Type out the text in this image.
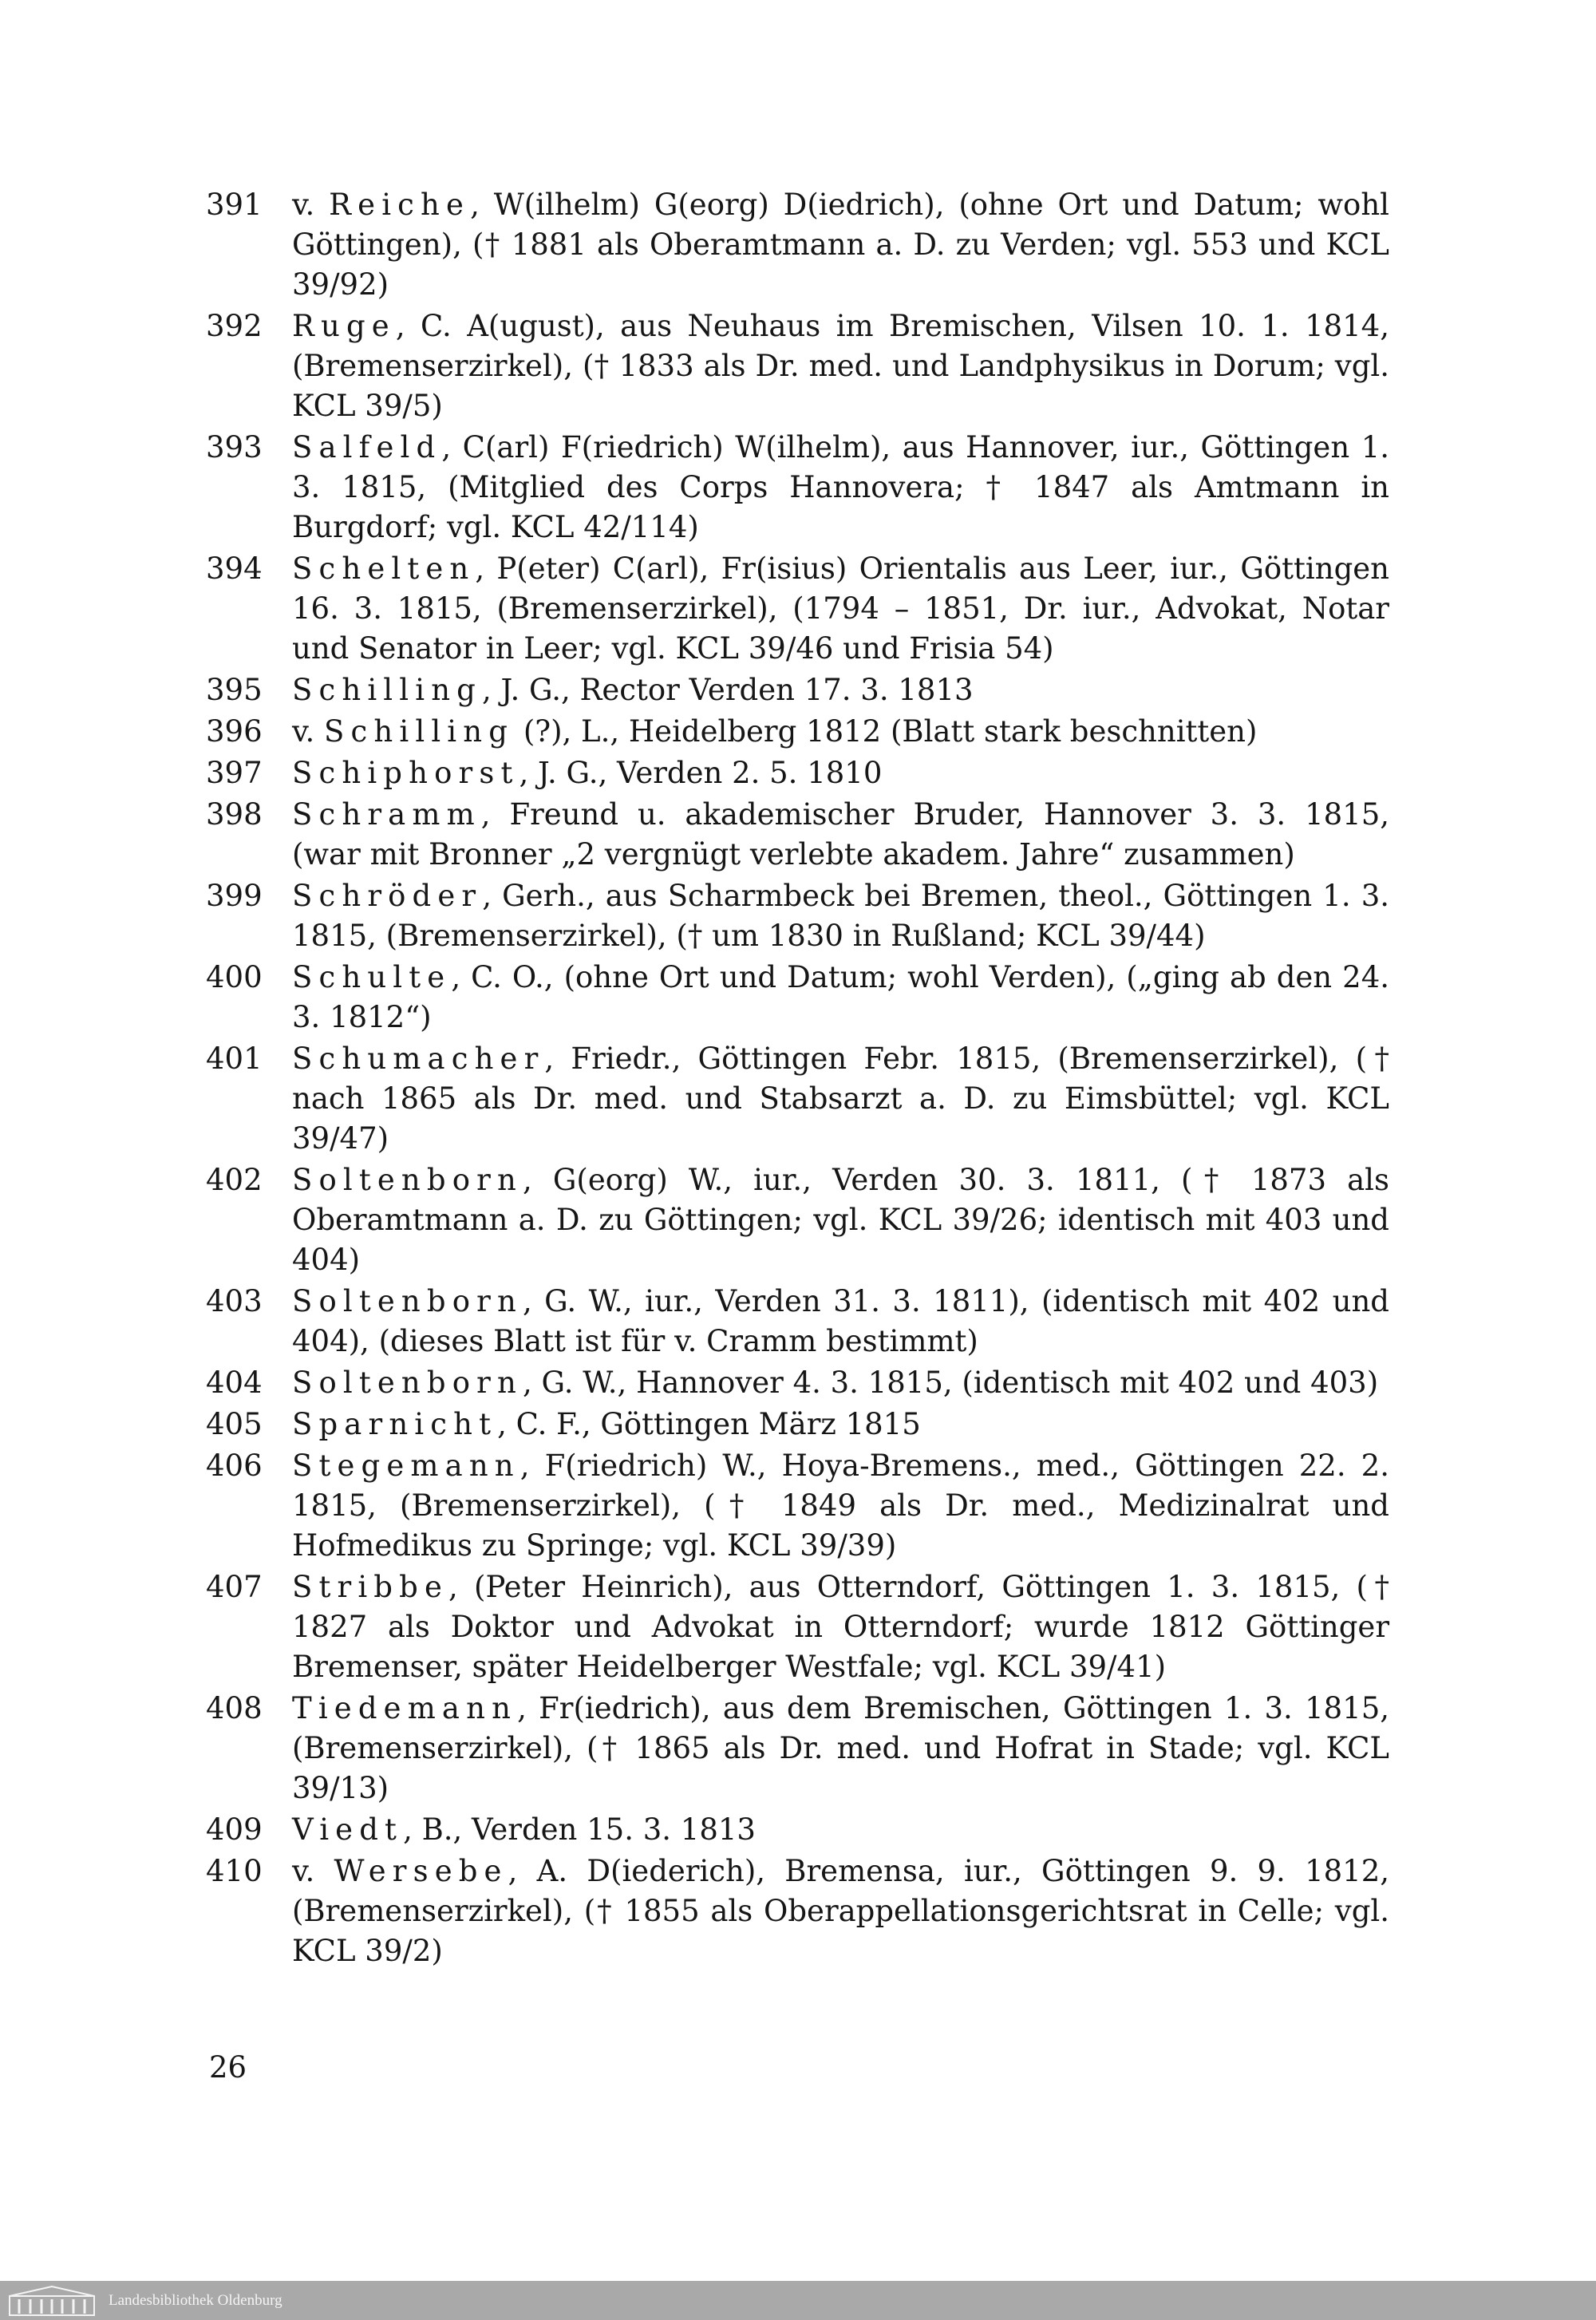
391	v. Reiche, W(ilhelm) G(eorg) D(iedrich), (ohne Ort und Datum; wohl Göttingen), († 1881 als Oberamtmann a. D. zu Verden; vgl. 553 und KCL 39/92)
392	Ruge, C. A(ugust), aus Neuhaus im Bremischen, Vilsen 10. 1. 1814, (Bremenserzirkel), († 1833 als Dr. med. und Landphysikus in Dorum; vgl. KCL 39/5)
393	Salfeld, C(arl) F(riedrich) W(ilhelm), aus Hannover, iur., Göttingen 1. 3. 1815, (Mitglied des Corps Hannovera; † 1847 als Amtmann in Burgdorf; vgl. KCL 42/114)
394	Schelten, P(eter) C(arl), Fr(isius) Orientalis aus Leer, iur., Göttingen 16. 3. 1815, (Bremenserzirkel), (1794 – 1851, Dr. iur., Advokat, Notar und Senator in Leer; vgl. KCL 39/46 und Frisia 54)
395	Schilling, J. G., Rector Verden 17. 3. 1813
396	v. Schilling (?), L., Heidelberg 1812 (Blatt stark beschnitten)
397	Schiphorst, J. G., Verden 2. 5. 1810
398	Schramm, Freund u. akademischer Bruder, Hannover 3. 3. 1815, (war mit Bronner „2 vergnügt verlebte akadem. Jahre“ zusammen)
399	Schröder, Gerh., aus Scharmbeck bei Bremen, theol., Göttingen 1. 3. 1815, (Bremenserzirkel), († um 1830 in Rußland; KCL 39/44)
400	Schulte, C. O., (ohne Ort und Datum; wohl Verden), („ging ab den 24. 3. 1812“)
401	Schumacher, Friedr., Göttingen Febr. 1815, (Bremenserzirkel), († nach 1865 als Dr. med. und Stabsarzt a. D. zu Eimsbüttel; vgl. KCL 39/47)
402	Soltenborn, G(eorg) W., iur., Verden 30. 3. 1811, († 1873 als Oberamtmann a. D. zu Göttingen; vgl. KCL 39/26; identisch mit 403 und 404)
403	Soltenborn, G. W., iur., Verden 31. 3. 1811), (identisch mit 402 und 404), (dieses Blatt ist für v. Cramm bestimmt)
404	Soltenborn, G. W., Hannover 4. 3. 1815, (identisch mit 402 und 403)
405	Sparnicht, C. F., Göttingen März 1815
406	Stegemann, F(riedrich) W., Hoya-Bremens., med., Göttingen 22. 2. 1815, (Bremenserzirkel), († 1849 als Dr. med., Medizinalrat und Hofmedikus zu Springe; vgl. KCL 39/39)
407	Stribbe, (Peter Heinrich), aus Otterndorf, Göttingen 1. 3. 1815, († 1827 als Doktor und Advokat in Otterndorf; wurde 1812 Göttinger Bremenser, später Heidelberger Westfale; vgl. KCL 39/41)
408	Tiedemann, Fr(iedrich), aus dem Bremischen, Göttingen 1. 3. 1815, (Bremenserzirkel), († 1865 als Dr. med. und Hofrat in Stade; vgl. KCL 39/13)
409	Viedt, B., Verden 15. 3. 1813
410	v. Wersebe, A. D(iederich), Bremensa, iur., Göttingen 9. 9. 1812, (Bremenserzirkel), († 1855 als Oberappellationsgerichtsrat in Celle; vgl. KCL 39/2)
26
Landesbibliothek Oldenburg
